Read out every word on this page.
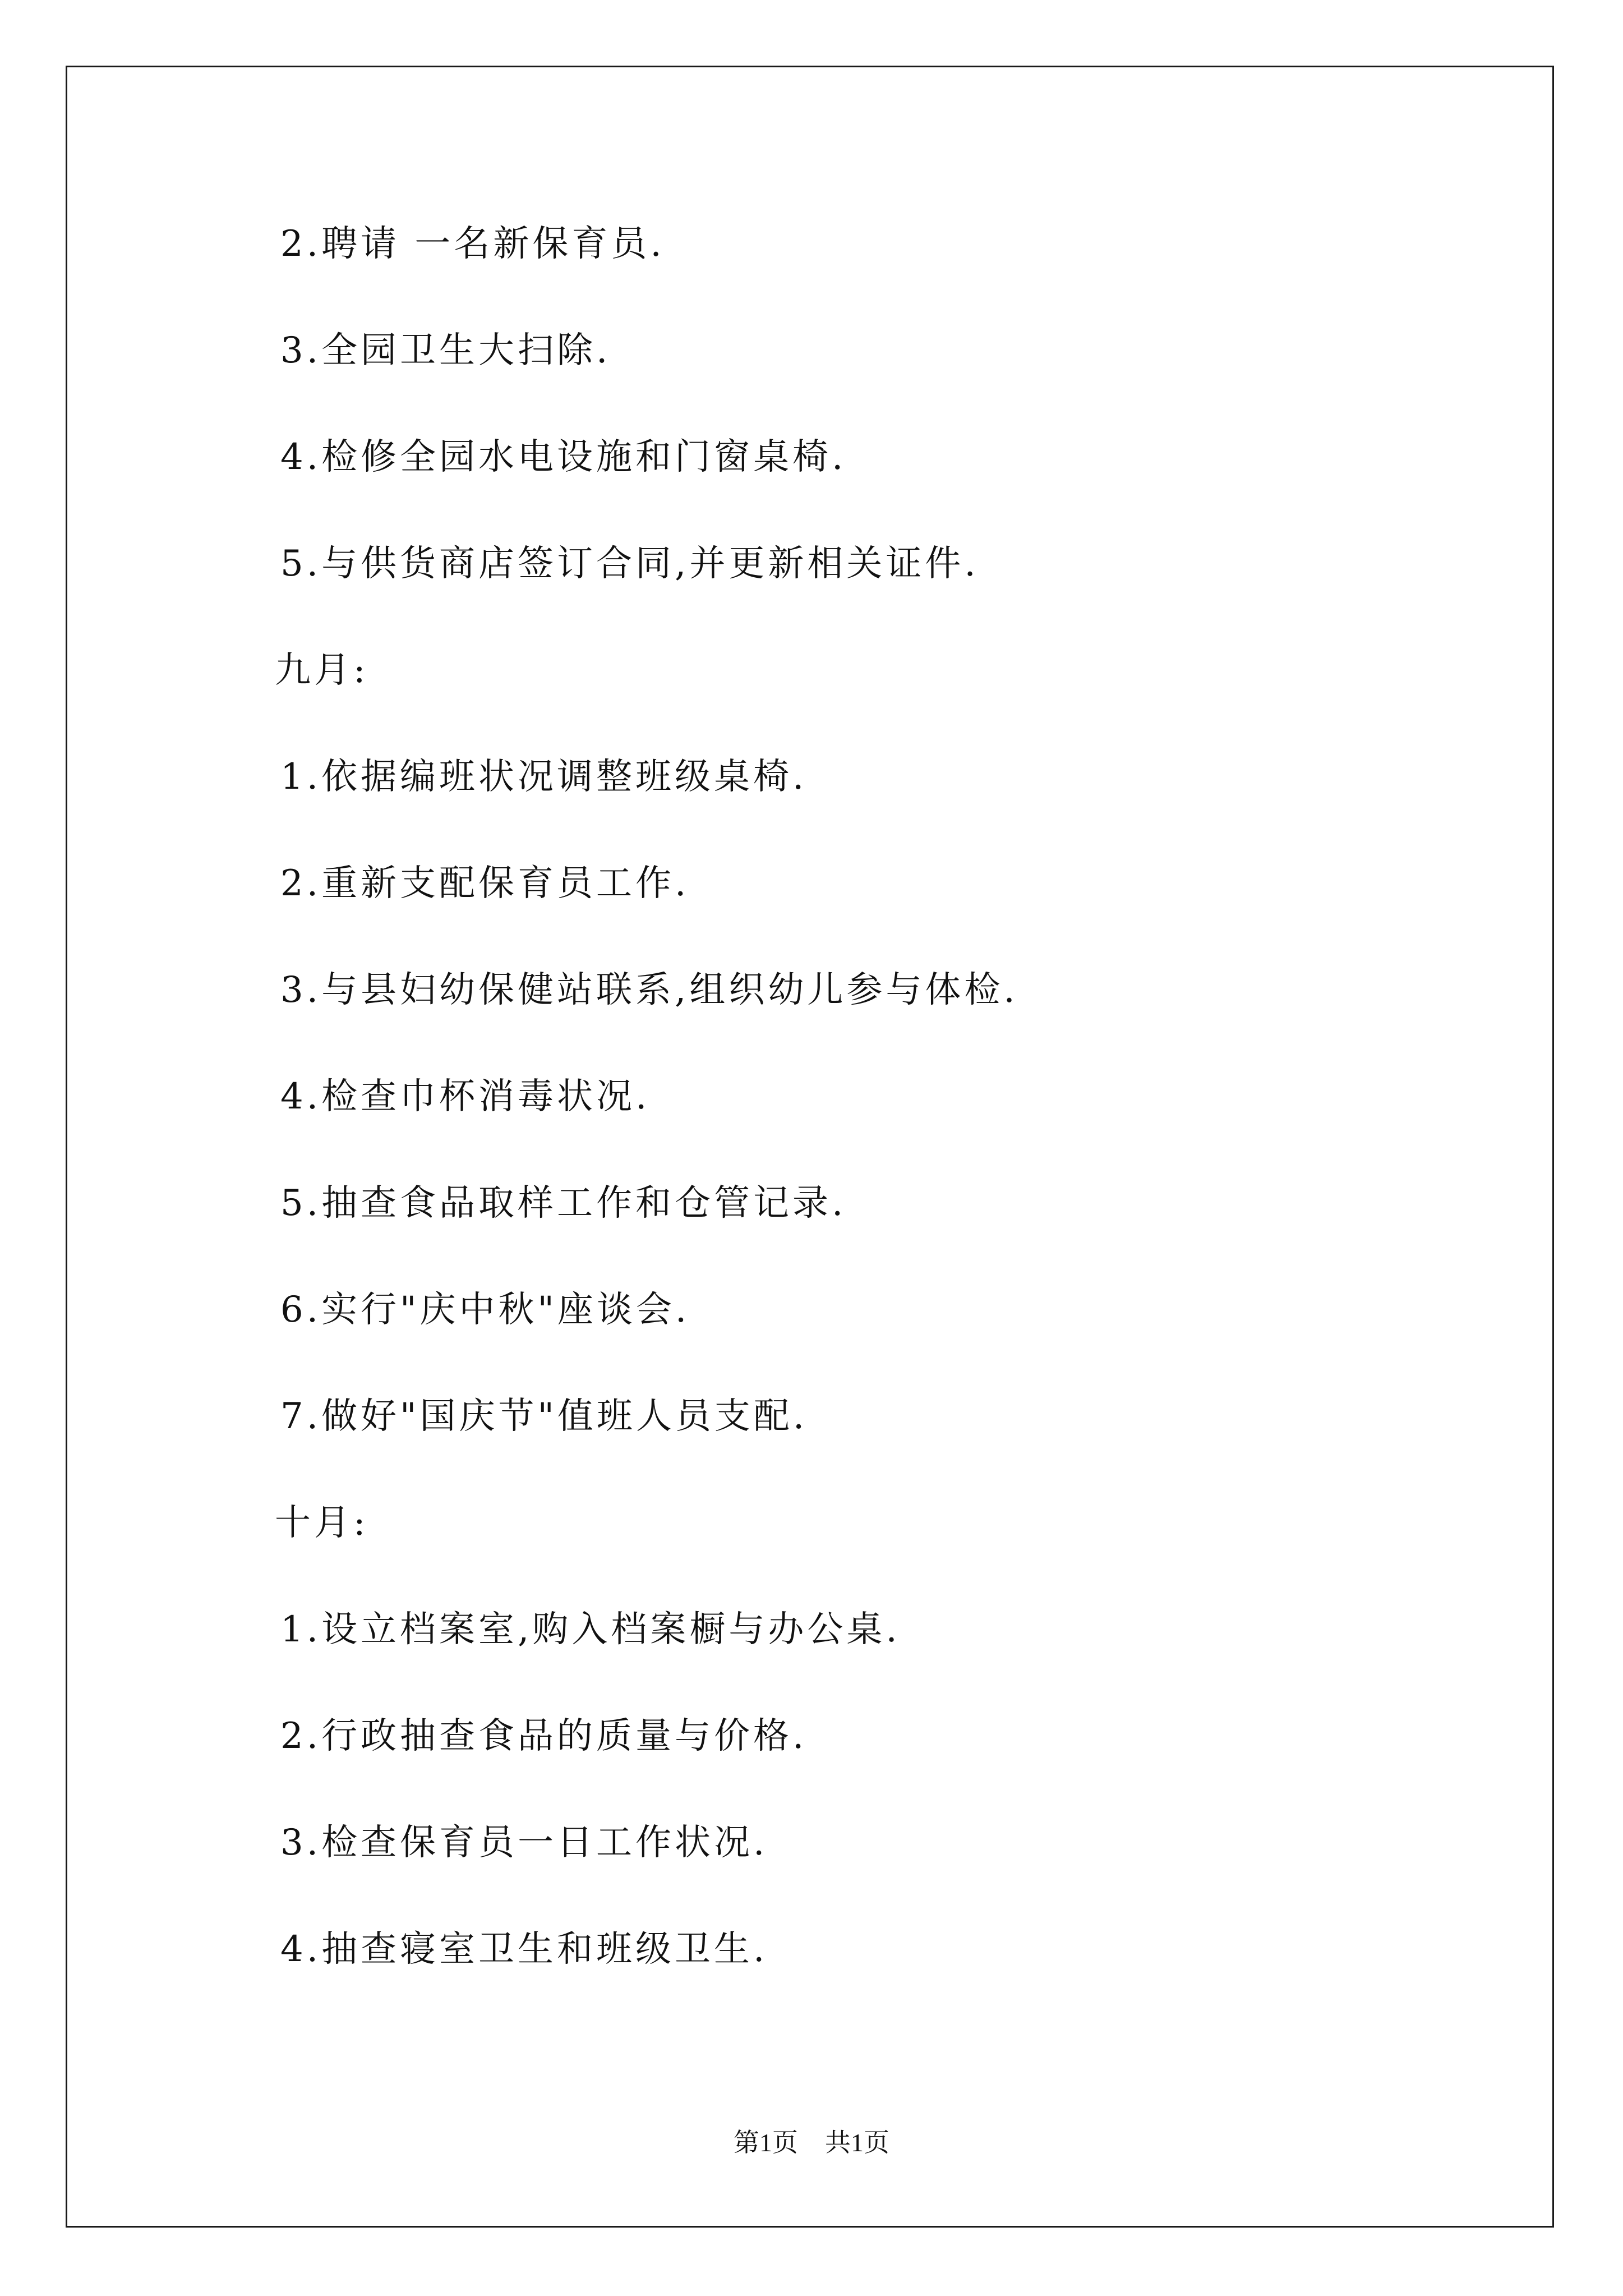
2.聘请 一名新保育员.
3.全园卫生大扫除.
4.检修全园水电设施和门窗桌椅.
5.与供货商店签订合同,并更新相关证件.
九月:
1.依据编班状况调整班级桌椅.
2.重新支配保育员工作.
3.与县妇幼保健站联系,组织幼儿参与体检.
4.检查巾杯消毒状况.
5.抽查食品取样工作和仓管记录.
6.实行"庆中秋"座谈会.
7.做好"国庆节"值班人员支配.
十月:
1.设立档案室,购入档案橱与办公桌.
2.行政抽查食品的质量与价格.
3.检查保育员一日工作状况.
4.抽查寝室卫生和班级卫生.
第1页 共1页
